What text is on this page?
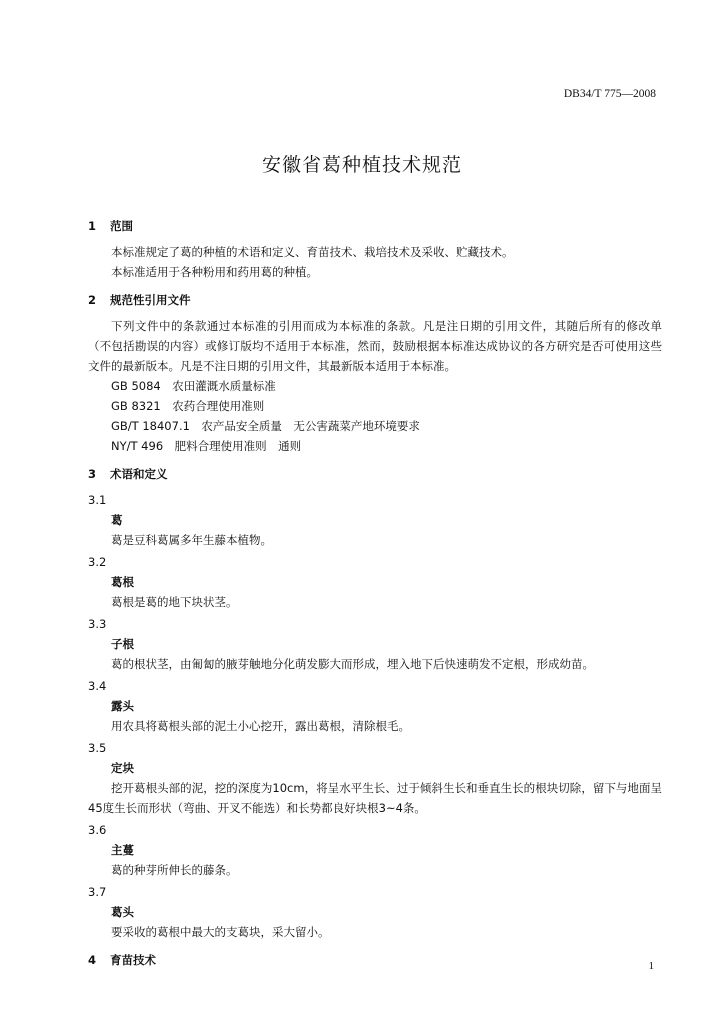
DB34/T 775—2008
安徽省葛种植技术规范
1 范围
本标准规定了葛的种植的术语和定义、育苗技术、栽培技术及采收、贮藏技术。
本标准适用于各种粉用和药用葛的种植。
2 规范性引用文件
下列文件中的条款通过本标准的引用而成为本标准的条款。凡是注日期的引用文件，其随后所有的修改单（不包括勘误的内容）或修订版均不适用于本标准，然而，鼓励根据本标准达成协议的各方研究是否可使用这些文件的最新版本。凡是不注日期的引用文件，其最新版本适用于本标准。
GB 5084　农田灌溉水质量标准
GB 8321　农药合理使用准则
GB/T 18407.1　农产品安全质量　无公害蔬菜产地环境要求
NY/T 496　肥料合理使用准则　通则
3 术语和定义
3.1
葛
葛是豆科葛属多年生藤本植物。
3.2
葛根
葛根是葛的地下块状茎。
3.3
子根
葛的根状茎，由匍匐的腋芽触地分化萌发膨大而形成，埋入地下后快速萌发不定根，形成幼苗。
3.4
露头
用农具将葛根头部的泥土小心挖开，露出葛根，清除根毛。
3.5
定块
挖开葛根头部的泥，挖的深度为10cm，将呈水平生长、过于倾斜生长和垂直生长的根块切除，留下与地面呈45度生长而形状（弯曲、开叉不能选）和长势都良好块根3~4条。
3.6
主蔓
葛的种芽所伸长的藤条。
3.7
葛头
要采收的葛根中最大的支葛块，采大留小。
4 育苗技术	1
